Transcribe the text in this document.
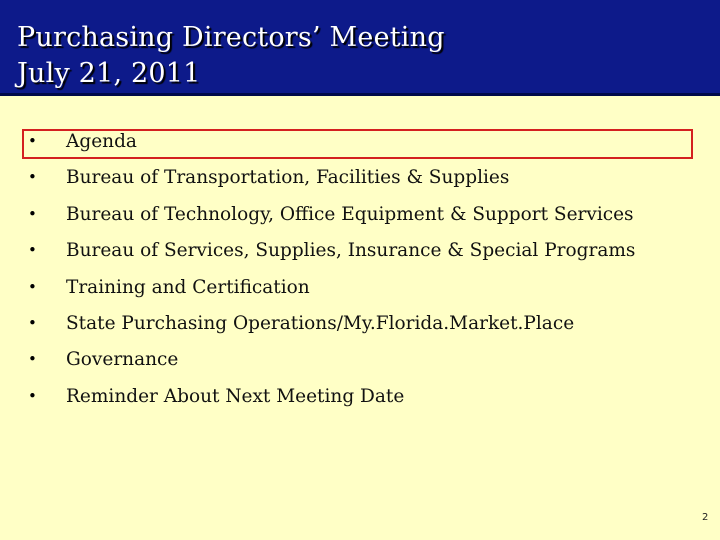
Purchasing Directors’ Meeting
July 21, 2011
• Agenda
• Bureau of Transportation, Facilities & Supplies
• Bureau of Technology, Office Equipment & Support Services
• Bureau of Services, Supplies, Insurance & Special Programs
• Training and Certification
• State Purchasing Operations/My.Florida.Market.Place
• Governance
• Reminder About Next Meeting Date
2
